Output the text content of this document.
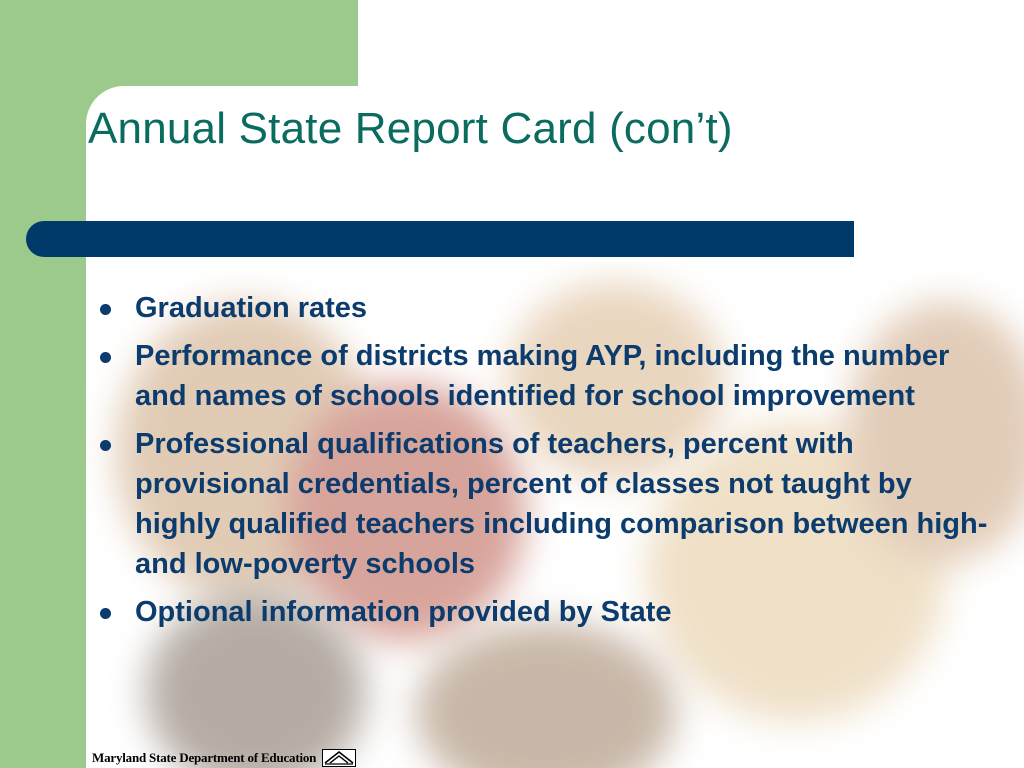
Annual State Report Card (con’t)
Graduation rates
Performance of districts making AYP, including the number and names of schools identified for school improvement
Professional qualifications of teachers, percent with provisional credentials, percent of classes not taught by highly qualified teachers including comparison between high- and low-poverty schools
Optional information provided by State
Maryland State Department of Education
